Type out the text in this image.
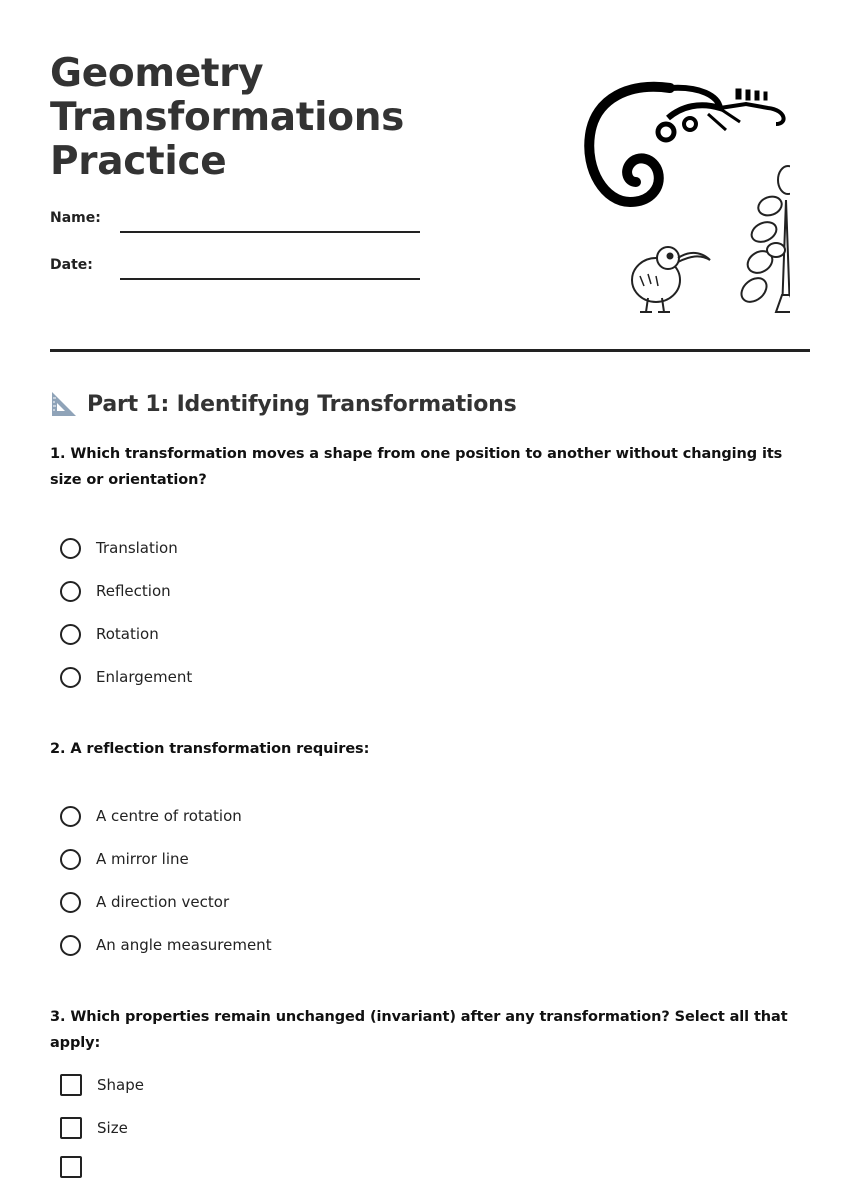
Geometry
Transformations
Practice
Name:
Date:
Part 1: Identifying Transformations

1. Which transformation moves a shape from one position to another without changing its size or orientation?

Translation
Reflection
Rotation
Enlargement

2. A reflection transformation requires:

A centre of rotation
A mirror line
A direction vector
An angle measurement

3. Which properties remain unchanged (invariant) after any transformation? Select all that apply:

Shape
Size
